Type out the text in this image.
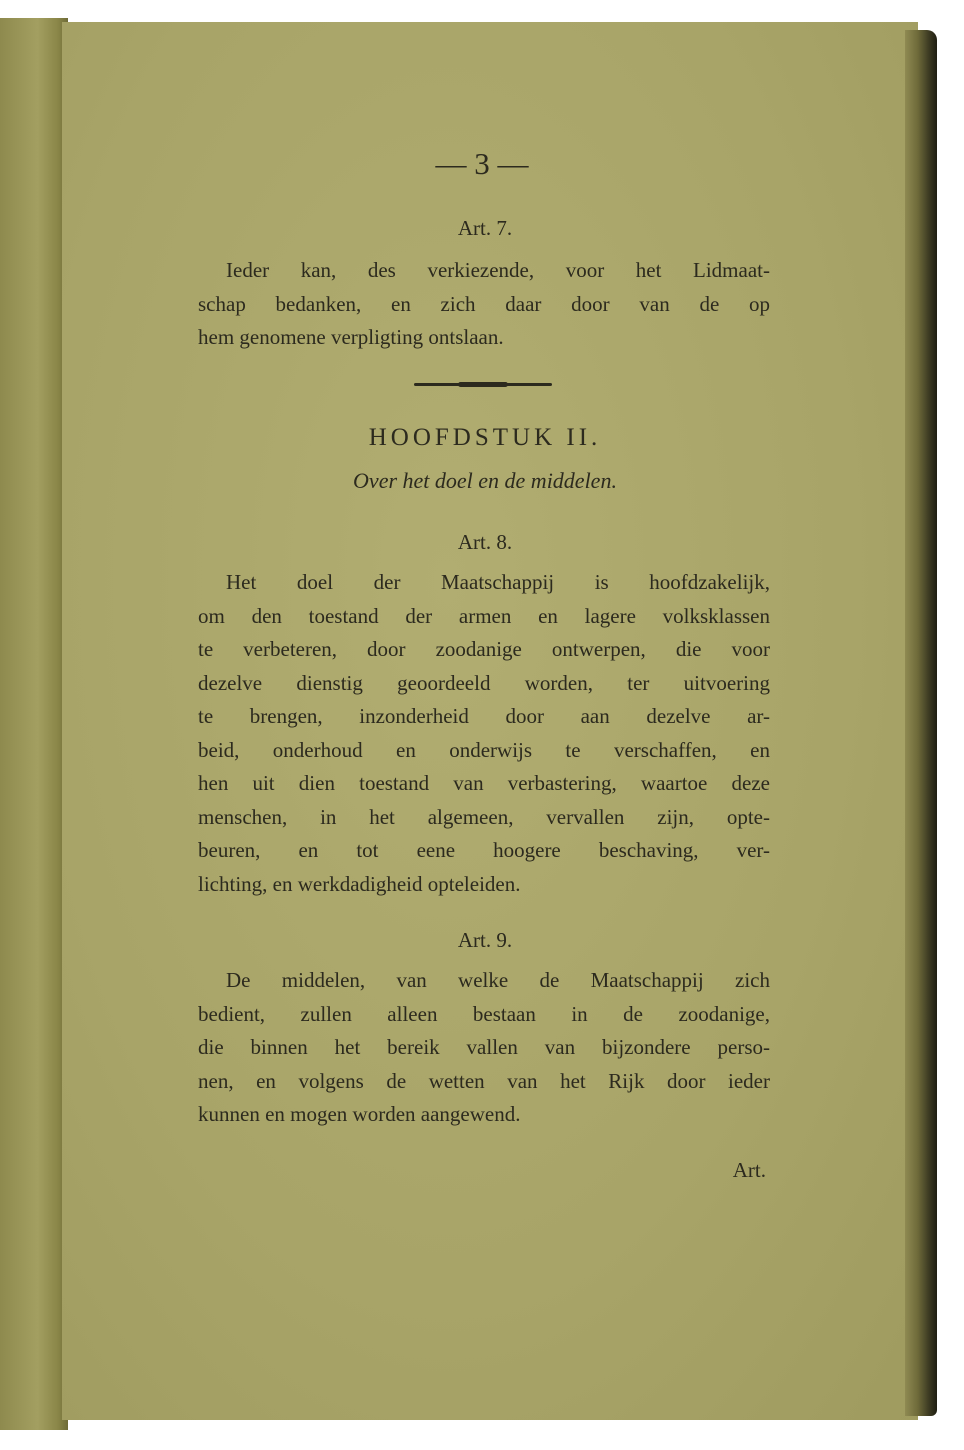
— 3 —
Art. 7.

Ieder kan, des verkiezende, voor het Lidmaat-
schap bedanken, en zich daar door van de op
hem genomene verpligting ontslaan.

HOOFDSTUK II.
Over het doel en de middelen.
Art. 8.

Het doel der Maatschappij is hoofdzakelijk,
om den toestand der armen en lagere volksklassen
te verbeteren, door zoodanige ontwerpen, die voor
dezelve dienstig geoordeeld worden, ter uitvoering
te brengen, inzonderheid door aan dezelve ar-
beid, onderhoud en onderwijs te verschaffen, en
hen uit dien toestand van verbastering, waartoe deze
menschen, in het algemeen, vervallen zijn, opte-
beuren, en tot eene hoogere beschaving, ver-
lichting, en werkdadigheid opteleiden.

Art. 9.

De middelen, van welke de Maatschappij zich
bedient, zullen alleen bestaan in de zoodanige,
die binnen het bereik vallen van bijzondere perso-
nen, en volgens de wetten van het Rijk door ieder
kunnen en mogen worden aangewend.

Art.
